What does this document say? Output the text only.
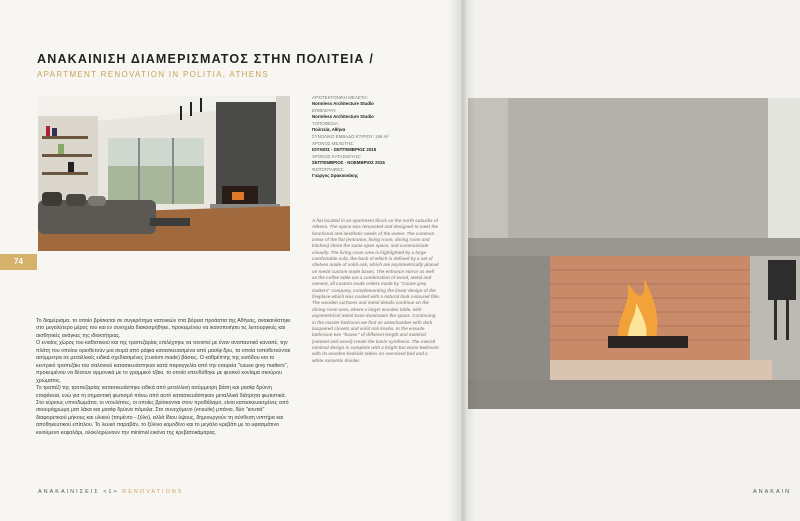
ΑΝΑΚΑΙΝΙΣΗ ΔΙΑΜΕΡΙΣΜΑΤΟΣ ΣΤΗΝ ΠΟΛΙΤΕΙΑ /
APARTMENT RENOVATION IN POLITIA, ATHENS
74
ΑΡΧΙΤΕΚΤΟΝΙΚΗ ΜΕΛΕΤΗ:
Normless Architecture Studio
ΕΠΙΒΛΕΨΗ:
Normless Architecture Studio
ΤΟΠΟΘΕΣΙΑ:
Πολιτεία, Αθήνα
ΣΥΝΟΛΙΚΟ ΕΜΒΑΔΟ ΚΤΙΡΙΟΥ: 156 m²
ΧΡΟΝΟΣ ΜΕΛΕΤΗΣ:
ΙΟΥΝΙΟΣ - ΣΕΠΤΕΜΒΡΙΟΣ 2015
ΧΡΟΝΟΣ ΚΑΤΑΣΚΕΥΗΣ:
ΣΕΠΤΕΜΒΡΙΟΣ - ΝΟΕΜΒΡΙΟΣ 2015
ΦΩΤΟΓΡΑΦΙΕΣ:
Γιώργος Σφακιανάκης

A flat located in an apartment block on the north suburbs of Athens. The space was renovated and designed to meet the functional and aesthetic needs of the owner. The common areas of the flat (entrance, living room, dining room and kitchen) share the same open space, and communicate visually. The living room area is highlighted by a large comfortable sofa, the back of which is defined by a set of shelves made of solid oak, which are asymmetrically placed on metal custom made bases. The entrance mirror as well as the coffee table are a combination of wood, metal and cement, all custom made orders made by "Cause grey matters" company, complementing the linear design of the fireplace which was coated with a natural dark coloured film. The wooden surfaces and metal details continue on the dining room area, where a larger wooden table, with asymmetrical metal base dominates the space. Continuing in the master bedroom we find an antechamber with dark lacquered closets and solid oak knobs. In the ensuite bathroom two "boxes" of different length and material (cement and wood) create the basin synthesis. The overall minimal design is complete with a bright but warm bedroom with its wooden bedside tables on oversized bed and a white romantic divider.

Το διαμέρισμα, το οποίο βρίσκεται σε συγκρότημα κατοικιών στα βόρεια προάστια της Αθήνας, ανακαινίστηκε στο μεγαλύτερο μέρος του και εν συνεχεία διακοσμήθηκε, προκειμένου να ικανοποιήσει τις λειτουργικές και αισθητικές ανάγκες της ιδιοκτήτριας.

Ο ενιαίος χώρος του καθιστικού και της τραπεζαρίας επιλέχτηκε να τονιστεί με έναν αναπαυτικό καναπέ, την πλάτη του οποίου οριοθετούν μια σειρά από ράφια κατασκευασμένα από μασίφ δρυ, τα οποία τοποθετούνται ασύμμετρα σε μεταλλικές ειδικά σχεδιασμένες (custom made) βάσεις. Ο καθρέπτης της εισόδου και το κεντρικό τραπεζάκι του σαλονιού κατασκευάστηκαν κατά παραγγελία από την εταιρεία "cause grey matters", προκειμένου να δέσουν αρμονικά με το γραμμικό τζάκι, το οποίο επενδύθηκε με φυσικό κονίαμα σκούρου χρώματος.

Το τραπέζι της τραπεζαρίας κατασκευάστηκε ειδικά από μεταλλική ασύμμετρη βάση και μασίφ δρύινη επιφάνεια, ενώ για τη σημαντική φωτισμό πάνω από αυτό κατασκευάστηκαν μεταλλικά διάτρητα φωτιστικά.

Στο κύριους υπνοδωμάτιο, οι ντουλάπες, οι οποίες βρίσκονται στον προθάλαμο, είναι κατασκευασμένες από σκουρόχρωμη ματ λάκα και μασίφ δρύινα πόμολα. Στο συνεχόμενο (ensuite) μπάνιο, δύο "κουτιά" διαφορετικού μήκους και υλικού (τσιμέντο - ξύλο), αλλά ίδιου ύψους, δημιουργούν τη σύνθεση νιπτήρα και αποθηκευτικού επίπλου. Το λευκό παραβάν, το ξύλινο κομοδίνο και το μεγάλο κρεβάτι με το υφασμάτινο κινούμενο κεφαλάρι, ολοκληρώνουν την minimal εικόνα της κρεβατοκάμαρας.

ΑΝΑΚΑΙΝΙΣΕΙΣ <1> RENOVATIONS	ΑΝΑΚΑΙΝ
